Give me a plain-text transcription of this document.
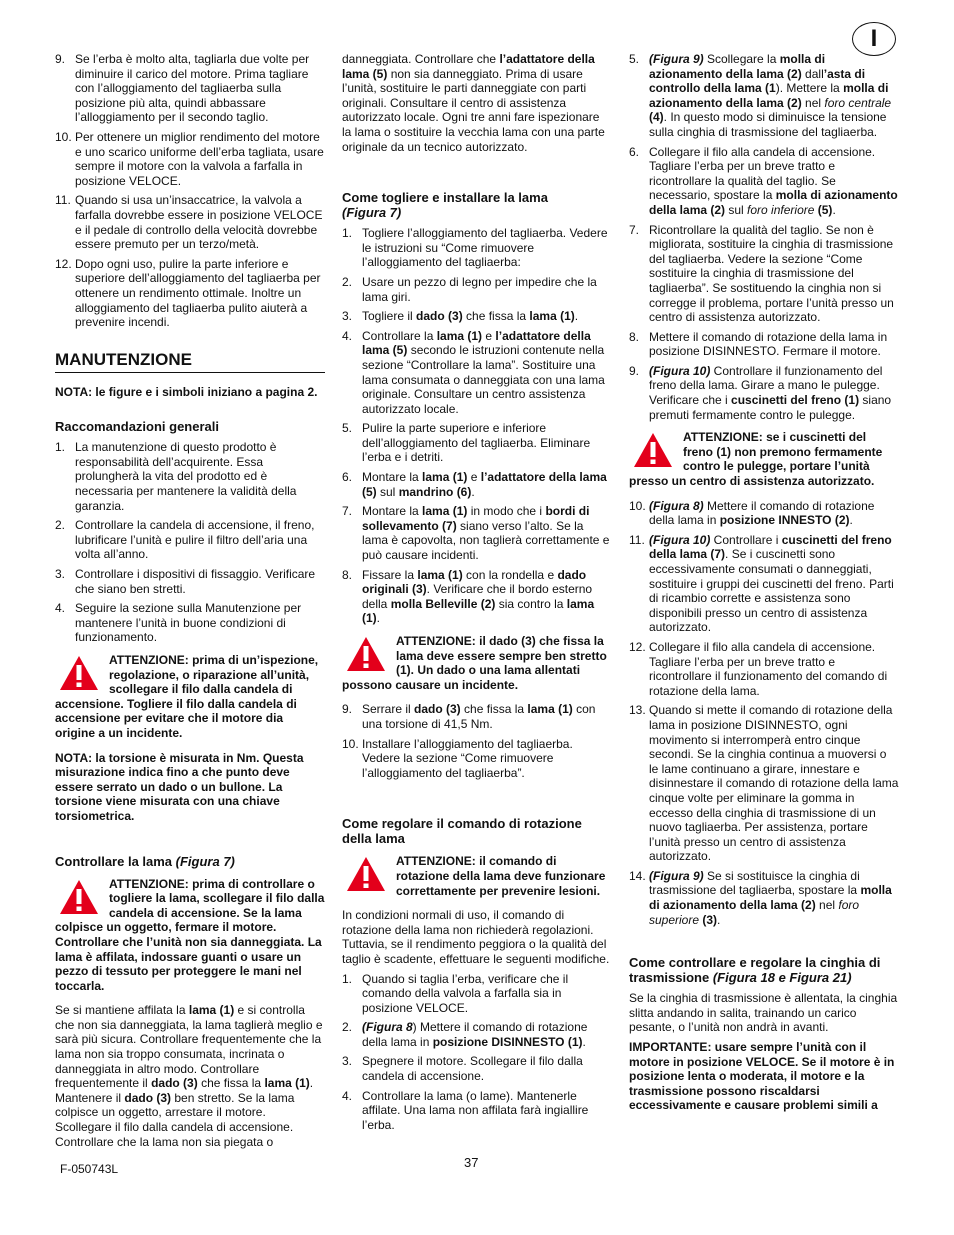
I
9. Se l’erba è molto alta, tagliarla due volte per diminuire il carico del motore. Prima tagliare con l’alloggiamento del tagliaerba sulla posizione più alta, quindi abbassare l’alloggiamento per il secondo taglio.
10. Per ottenere un miglior rendimento del motore e uno scarico uniforme dell’erba tagliata, usare sempre il motore con la valvola a farfalla in posizione VELOCE.
11. Quando si usa un’insaccatrice, la valvola a farfalla dovrebbe essere in posizione VELOCE e il pedale di controllo della velocità dovrebbe essere premuto per un terzo/metà.
12. Dopo ogni uso, pulire la parte inferiore e superiore dell’alloggiamento del tagliaerba per ottenere un rendimento ottimale. Inoltre un alloggiamento del tagliaerba pulito aiuterà a prevenire incendi.
MANUTENZIONE

NOTA: le figure e i simboli iniziano a pagina 2.

Raccomandazioni generali
1. La manutenzione di questo prodotto è responsabilità dell’acquirente. Essa prolungherà la vita del prodotto ed è necessaria per mantenere la validità della garanzia.
2. Controllare la candela di accensione, il freno, lubrificare l’unità e pulire il filtro dell’aria una volta all’anno.
3. Controllare i dispositivi di fissaggio. Verificare che siano ben stretti.
4. Seguire la sezione sulla Manutenzione per mantenere l’unità in buone condizioni di funzionamento.
ATTENZIONE: prima di un’ispezione, regolazione, o riparazione all’unità, scollegare il filo dalla candela di accensione. Togliere il filo dalla candela di accensione per evitare che il motore dia origine a un incidente.

NOTA: la torsione è misurata in Nm. Questa misurazione indica fino a che punto deve essere serrato un dado o un bullone. La torsione viene misurata con una chiave torsiometrica.

Controllare la lama (Figura 7)
ATTENZIONE: prima di controllare o togliere la lama, scollegare il filo dalla candela di accensione. Se la lama colpisce un oggetto, fermare il motore. Controllare che l’unità non sia danneggiata. La lama è affilata, indossare guanti o usare un pezzo di tessuto per proteggere le mani nel toccarla.

Se si mantiene affilata la lama (1) e si controlla che non sia danneggiata, la lama taglierà meglio e sarà più sicura. Controllare frequentemente che la lama non sia troppo consumata, incrinata o danneggiata in altro modo. Controllare frequentemente il dado (3) che fissa la lama (1). Mantenere il dado (3) ben stretto. Se la lama colpisce un oggetto, arrestare il motore. Scollegare il filo dalla candela di accensione. Controllare che la lama non sia piegata o

danneggiata. Controllare che l’adattatore della lama (5) non sia danneggiato. Prima di usare l’unità, sostituire le parti danneggiate con parti originali. Consultare il centro di assistenza autorizzato locale. Ogni tre anni fare ispezionare la lama o sostituire la vecchia lama con una parte originale da un tecnico autorizzato.

Come togliere e installare la lama
(Figura 7)
1. Togliere l’alloggiamento del tagliaerba. Vedere le istruzioni su “Come rimuovere l’alloggiamento del tagliaerba:
2. Usare un pezzo di legno per impedire che la lama giri.
3. Togliere il dado (3) che fissa la lama (1).
4. Controllare la lama (1) e l’adattatore della lama (5) secondo le istruzioni contenute nella sezione “Controllare la lama”. Sostituire una lama consumata o danneggiata con una lama originale. Consultare un centro assistenza autorizzato locale.
5. Pulire la parte superiore e inferiore dell’alloggiamento del tagliaerba. Eliminare l’erba e i detriti.
6. Montare la lama (1) e l’adattatore della lama (5) sul mandrino (6).
7. Montare la lama (1) in modo che i bordi di sollevamento (7) siano verso l’alto. Se la lama è capovolta, non taglierà correttamente e può causare incidenti.
8. Fissare la lama (1) con la rondella e dado originali (3). Verificare che il bordo esterno della molla Belleville (2) sia contro la lama (1).
ATTENZIONE: il dado (3) che fissa la lama deve essere sempre ben stretto (1). Un dado o una lama allentati possono causare un incidente.
9. Serrare il dado (3) che fissa la lama (1) con una torsione di 41,5 Nm.
10. Installare l’alloggiamento del tagliaerba. Vedere la sezione “Come rimuovere l’alloggiamento del tagliaerba”.
Come regolare il comando di rotazione della lama
ATTENZIONE: il comando di rotazione della lama deve funzionare correttamente per prevenire lesioni.

In condizioni normali di uso, il comando di rotazione della lama non richiederà regolazioni. Tuttavia, se il rendimento peggiora o la qualità del taglio è scadente, effettuare le seguenti modifiche.

1. Quando si taglia l’erba, verificare che il comando della valvola a farfalla sia in posizione VELOCE.
2. (Figura 8) Mettere il comando di rotazione della lama in posizione DISINNESTO (1).
3. Spegnere il motore. Scollegare il filo dalla candela di accensione.
4. Controllare la lama (o lame). Mantenerle affilate. Una lama non affilata farà ingiallire l’erba.
5. (Figura 9) Scollegare la molla di azionamento della lama (2) dall’asta di controllo della lama (1). Mettere la molla di azionamento della lama (2) nel foro centrale (4). In questo modo si diminuisce la tensione sulla cinghia di trasmissione del tagliaerba.
6. Collegare il filo alla candela di accensione. Tagliare l’erba per un breve tratto e ricontrollare la qualità del taglio. Se necessario, spostare la molla di azionamento della lama (2) sul foro inferiore (5).
7. Ricontrollare la qualità del taglio. Se non è migliorata, sostituire la cinghia di trasmissione del tagliaerba. Vedere la sezione “Come sostituire la cinghia di trasmissione del tagliaerba”. Se sostituendo la cinghia non si corregge il problema, portare l’unità presso un centro di assistenza autorizzato.
8. Mettere il comando di rotazione della lama in posizione DISINNESTO. Fermare il motore.
9. (Figura 10) Controllare il funzionamento del freno della lama. Girare a mano le pulegge. Verificare che i cuscinetti del freno (1) siano premuti fermamente contro le pulegge.
ATTENZIONE: se i cuscinetti del freno (1) non premono fermamente contro le pulegge, portare l’unità presso un centro di assistenza autorizzato.
10. (Figura 8) Mettere il comando di rotazione della lama in posizione INNESTO (2).
11. (Figura 10) Controllare i cuscinetti del freno della lama (7). Se i cuscinetti sono eccessivamente consumati o danneggiati, sostituire i gruppi dei cuscinetti del freno. Parti di ricambio corrette e assistenza sono disponibili presso un centro di assistenza autorizzato.
12. Collegare il filo alla candela di accensione. Tagliare l’erba per un breve tratto e ricontrollare il funzionamento del comando di rotazione della lama.
13. Quando si mette il comando di rotazione della lama in posizione DISINNESTO, ogni movimento si interromperà entro cinque secondi. Se la cinghia continua a muoversi o le lame continuano a girare, innestare e disinnestare il comando di rotazione della lama cinque volte per eliminare la gomma in eccesso della cinghia di trasmissione di un nuovo tagliaerba. Per assistenza, portare l’unità presso un centro di assistenza autorizzato.
14. (Figura 9) Se si sostituisce la cinghia di trasmissione del tagliaerba, spostare la molla di azionamento della lama (2) nel foro superiore (3).
Come controllare e regolare la cinghia di trasmissione (Figura 18 e Figura 21)

Se la cinghia di trasmissione è allentata, la cinghia slitta andando in salita, trainando un carico pesante, o l’unità non andrà in avanti.

IMPORTANTE: usare sempre l’unità con il motore in posizione VELOCE. Se il motore è in posizione lenta o moderata, il motore e la trasmissione possono riscaldarsi eccessivamente e causare problemi simili a

F-050743L	37
